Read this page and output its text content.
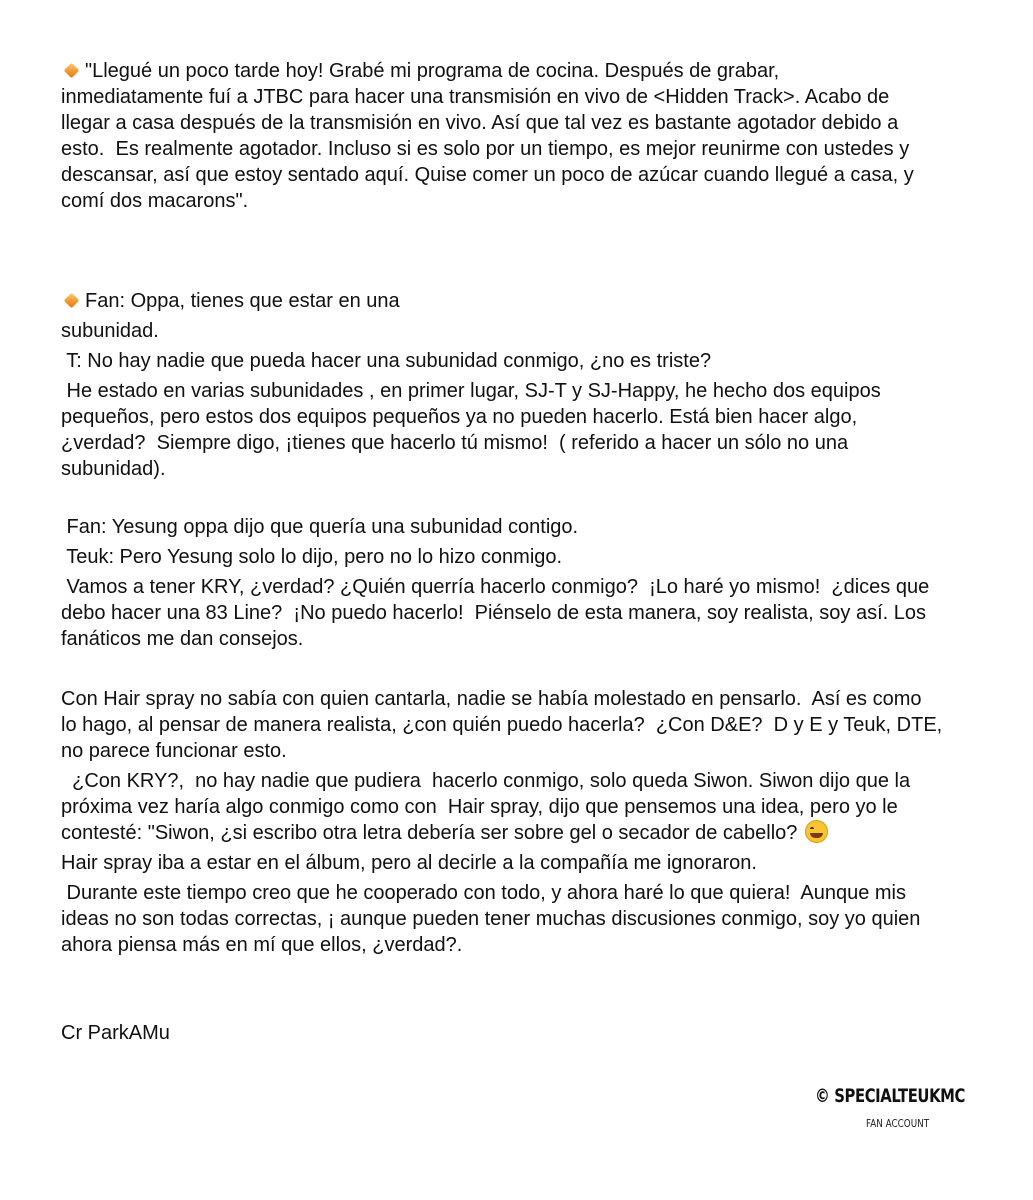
"Llegué un poco tarde hoy! Grabé mi programa de cocina. Después de grabar,
inmediatamente fuí a JTBC para hacer una transmisión en vivo de <Hidden Track>. Acabo de
llegar a casa después de la transmisión en vivo. Así que tal vez es bastante agotador debido a
esto.  Es realmente agotador. Incluso si es solo por un tiempo, es mejor reunirme con ustedes y
descansar, así que estoy sentado aquí. Quise comer un poco de azúcar cuando llegué a casa, y
comí dos macarons".

Fan: Oppa, tienes que estar en una
subunidad.
T: No hay nadie que pueda hacer una subunidad conmigo, ¿no es triste?
He estado en varias subunidades , en primer lugar, SJ-T y SJ-Happy, he hecho dos equipos
pequeños, pero estos dos equipos pequeños ya no pueden hacerlo. Está bien hacer algo,
¿verdad?  Siempre digo, ¡tienes que hacerlo tú mismo!  ( referido a hacer un sólo no una
subunidad).

Fan: Yesung oppa dijo que quería una subunidad contigo.
Teuk: Pero Yesung solo lo dijo, pero no lo hizo conmigo.
Vamos a tener KRY, ¿verdad? ¿Quién querría hacerlo conmigo?  ¡Lo haré yo mismo!  ¿dices que
debo hacer una 83 Line?  ¡No puedo hacerlo!  Piénselo de esta manera, soy realista, soy así. Los
fanáticos me dan consejos.

Con Hair spray no sabía con quien cantarla, nadie se había molestado en pensarlo.  Así es como
lo hago, al pensar de manera realista, ¿con quién puedo hacerla?  ¿Con D&E?  D y E y Teuk, DTE,
no parece funcionar esto.
¿Con KRY?,  no hay nadie que pudiera  hacerlo conmigo, solo queda Siwon. Siwon dijo que la
próxima vez haría algo conmigo como con  Hair spray, dijo que pensemos una idea, pero yo le
contesté: "Siwon, ¿si escribo otra letra debería ser sobre gel o secador de cabello?
Hair spray iba a estar en el álbum, pero al decirle a la compañía me ignoraron.
Durante este tiempo creo que he cooperado con todo, y ahora haré lo que quiera!  Aunque mis
ideas no son todas correctas, ¡ aunque pueden tener muchas discusiones conmigo, soy yo quien
ahora piensa más en mí que ellos, ¿verdad?.

Cr ParkAMu

© SPECIALTEUKMC
FAN ACCOUNT
